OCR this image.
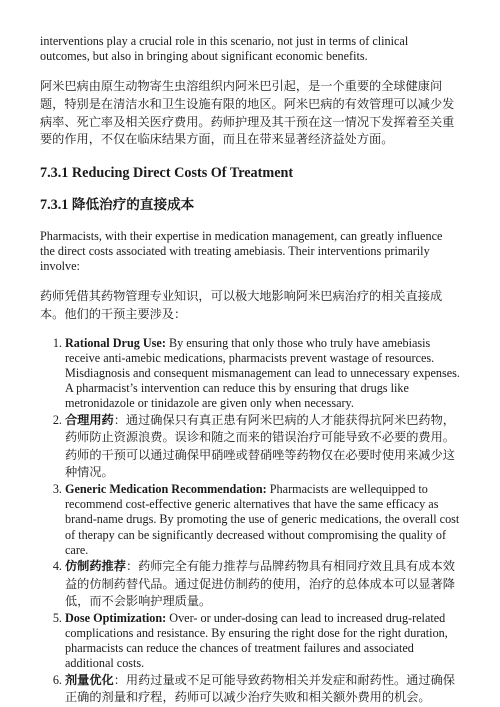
interventions play a crucial role in this scenario, not just in terms of clinical outcomes, but also in bringing about significant economic benefits.

阿米巴病由原生动物寄生虫溶组织内阿米巴引起，是一个重要的全球健康问题，特别是在清洁水和卫生设施有限的地区。阿米巴病的有效管理可以减少发病率、死亡率及相关医疗费用。药师护理及其干预在这一情况下发挥着至关重要的作用，不仅在临床结果方面，而且在带来显著经济益处方面。

7.3.1 Reducing Direct Costs Of Treatment
7.3.1 降低治疗的直接成本

Pharmacists, with their expertise in medication management, can greatly influence the direct costs associated with treating amebiasis. Their interventions primarily involve:

药师凭借其药物管理专业知识，可以极大地影响阿米巴病治疗的相关直接成本。他们的干预主要涉及：

1. Rational Drug Use: By ensuring that only those who truly have amebiasis receive anti-amebic medications, pharmacists prevent wastage of resources. Misdiagnosis and consequent mismanagement can lead to unnecessary expenses. A pharmacist’s intervention can reduce this by ensuring that drugs like metronidazole or tinidazole are given only when necessary.
2. 合理用药：通过确保只有真正患有阿米巴病的人才能获得抗阿米巴药物，药师防止资源浪费。误诊和随之而来的错误治疗可能导致不必要的费用。药师的干预可以通过确保甲硝唑或替硝唑等药物仅在必要时使用来减少这种情况。
3. Generic Medication Recommendation: Pharmacists are wellequipped to recommend cost-effective generic alternatives that have the same efficacy as brand-name drugs. By promoting the use of generic medications, the overall cost of therapy can be significantly decreased without compromising the quality of care.
4. 仿制药推荐：药师完全有能力推荐与品牌药物具有相同疗效且具有成本效益的仿制药替代品。通过促进仿制药的使用，治疗的总体成本可以显著降低，而不会影响护理质量。
5. Dose Optimization: Over- or under-dosing can lead to increased drug-related complications and resistance. By ensuring the right dose for the right duration, pharmacists can reduce the chances of treatment failures and associated additional costs.
6. 剂量优化：用药过量或不足可能导致药物相关并发症和耐药性。通过确保正确的剂量和疗程，药师可以减少治疗失败和相关额外费用的机会。
